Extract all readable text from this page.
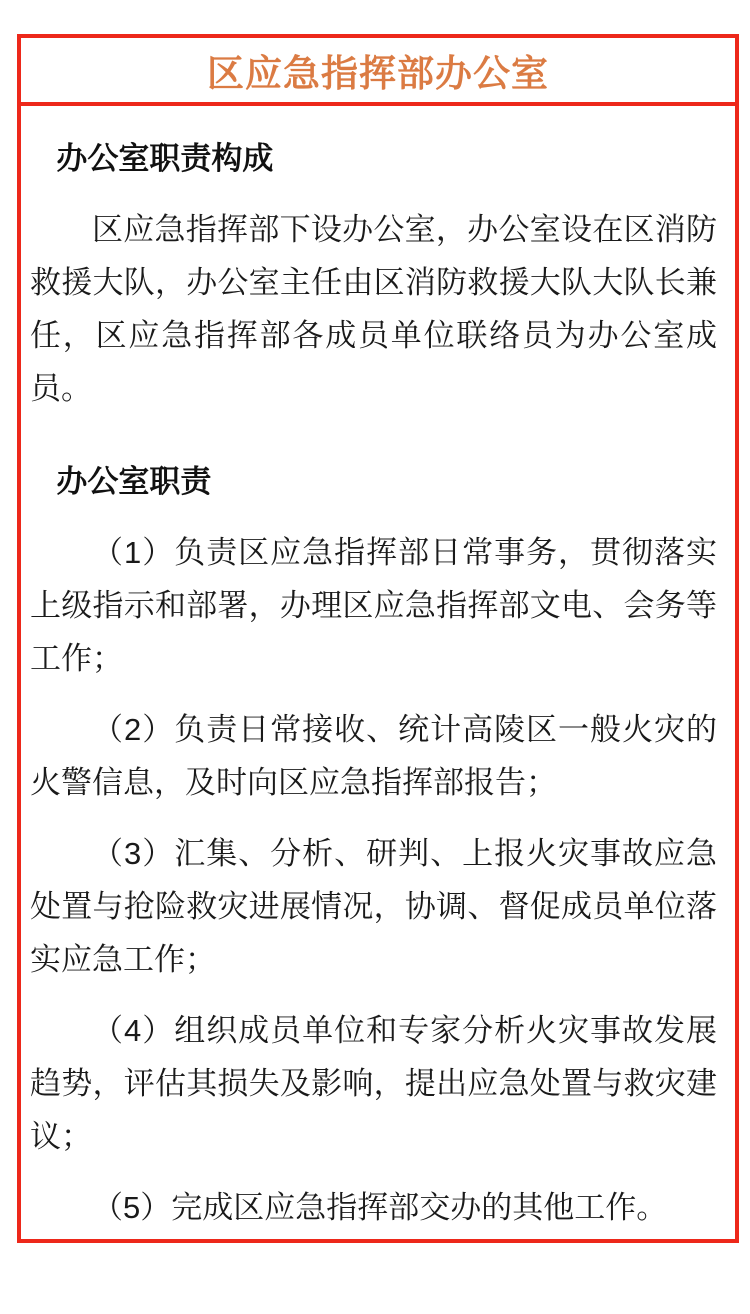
区应急指挥部办公室
办公室职责构成

区应急指挥部下设办公室，办公室设在区消防救援大队，办公室主任由区消防救援大队大队长兼任，区应急指挥部各成员单位联络员为办公室成员。

办公室职责

（1）负责区应急指挥部日常事务，贯彻落实上级指示和部署，办理区应急指挥部文电、会务等工作；

（2）负责日常接收、统计高陵区一般火灾的火警信息，及时向区应急指挥部报告；

（3）汇集、分析、研判、上报火灾事故应急处置与抢险救灾进展情况，协调、督促成员单位落实应急工作；

（4）组织成员单位和专家分析火灾事故发展趋势，评估其损失及影响，提出应急处置与救灾建议；

（5）完成区应急指挥部交办的其他工作。
